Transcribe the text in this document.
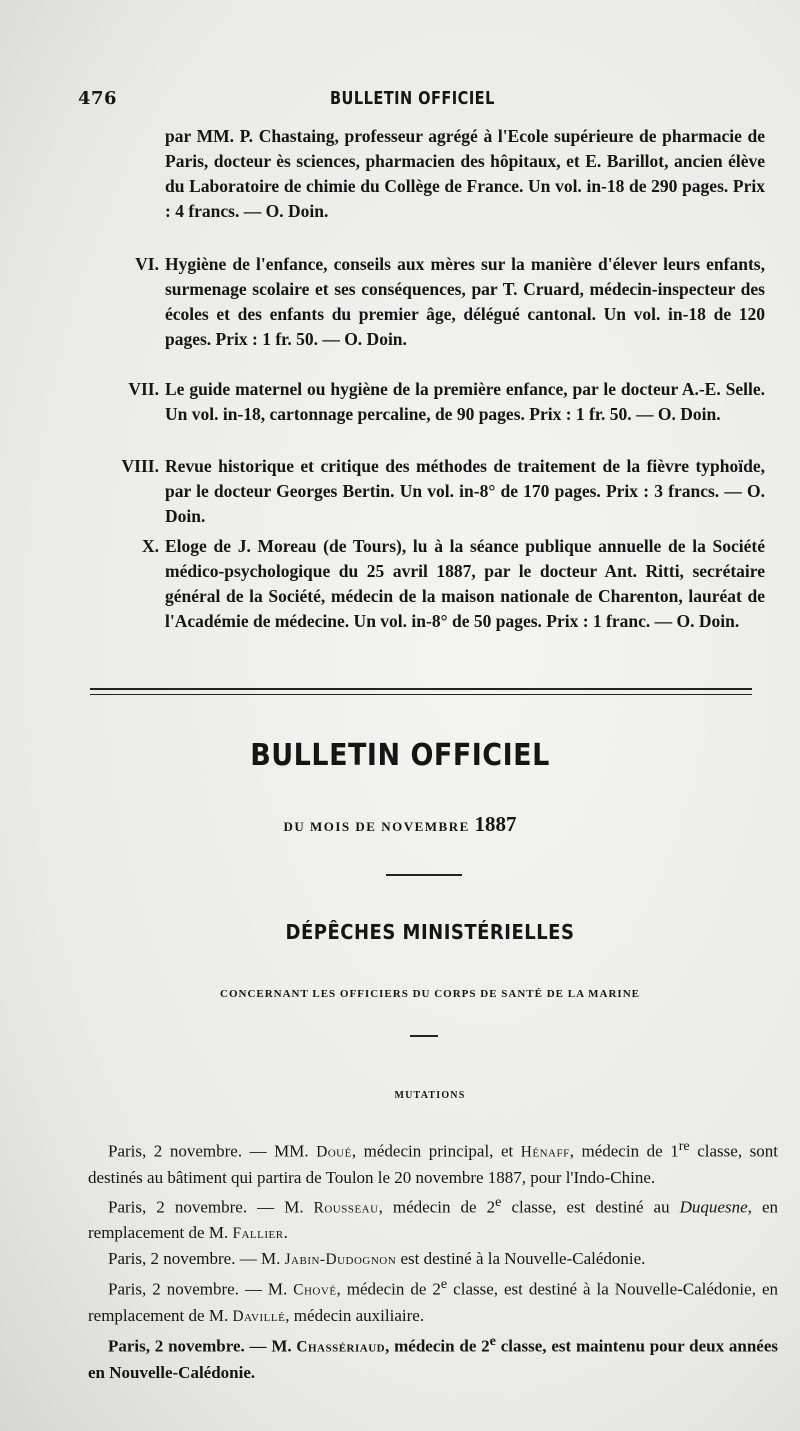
476	BULLETIN OFFICIEL
par MM. P. Chastaing, professeur agrégé à l'Ecole supérieure de pharmacie de Paris, docteur ès sciences, pharmacien des hôpitaux, et E. Barillot, ancien élève du Laboratoire de chimie du Collège de France. Un vol. in-18 de 290 pages. Prix : 4 francs. — O. Doin.
VI. Hygiène de l'enfance, conseils aux mères sur la manière d'élever leurs enfants, surmenage scolaire et ses conséquences, par T. Cruard, médecin-inspecteur des écoles et des enfants du premier âge, délégué cantonal. Un vol. in-18 de 120 pages. Prix : 1 fr. 50. — O. Doin.
VII. Le guide maternel ou hygiène de la première enfance, par le docteur A.-E. Selle. Un vol. in-18, cartonnage percaline, de 90 pages. Prix : 1 fr. 50. — O. Doin.
VIII. Revue historique et critique des méthodes de traitement de la fièvre typhoïde, par le docteur Georges Bertin. Un vol. in-8° de 170 pages. Prix : 3 francs. — O. Doin.
X. Eloge de J. Moreau (de Tours), lu à la séance publique annuelle de la Société médico-psychologique du 25 avril 1887, par le docteur Ant. Ritti, secrétaire général de la Société, médecin de la maison nationale de Charenton, lauréat de l'Académie de médecine. Un vol. in-8° de 50 pages. Prix : 1 franc. — O. Doin.
BULLETIN OFFICIEL
DU MOIS DE NOVEMBRE 1887
DÉPÊCHES MINISTÉRIELLES
CONCERNANT LES OFFICIERS DU CORPS DE SANTÉ DE LA MARINE
MUTATIONS

Paris, 2 novembre. — MM. Doué, médecin principal, et Hénaff, médecin de 1re classe, sont destinés au bâtiment qui partira de Toulon le 20 novembre 1887, pour l'Indo-Chine.

Paris, 2 novembre. — M. Rousseau, médecin de 2e classe, est destiné au Duquesne, en remplacement de M. Fallier.

Paris, 2 novembre. — M. Jabin-Dudognon est destiné à la Nouvelle-Calédonie.

Paris, 2 novembre. — M. Chové, médecin de 2e classe, est destiné à la Nouvelle-Calédonie, en remplacement de M. Davillé, médecin auxiliaire.

Paris, 2 novembre. — M. Chassériaud, médecin de 2e classe, est maintenu pour deux années en Nouvelle-Calédonie.
